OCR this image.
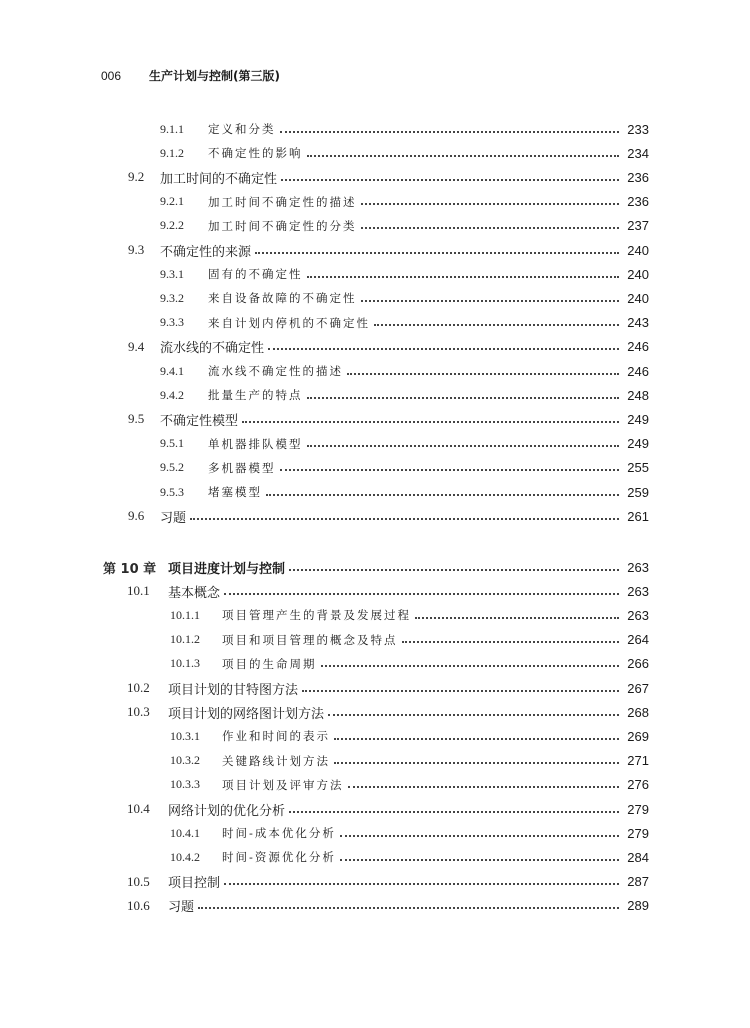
006	生产计划与控制(第三版)
9.1.1	定义和分类	233
9.1.2	不确定性的影响	234
9.2	加工时间的不确定性	236
9.2.1	加工时间不确定性的描述	236
9.2.2	加工时间不确定性的分类	237
9.3	不确定性的来源	240
9.3.1	固有的不确定性	240
9.3.2	来自设备故障的不确定性	240
9.3.3	来自计划内停机的不确定性	243
9.4	流水线的不确定性	246
9.4.1	流水线不确定性的描述	246
9.4.2	批量生产的特点	248
9.5	不确定性模型	249
9.5.1	单机器排队模型	249
9.5.2	多机器模型	255
9.5.3	堵塞模型	259
9.6	习题	261
第 10 章 项目进度计划与控制	263
10.1	基本概念	263
10.1.1	项目管理产生的背景及发展过程	263
10.1.2	项目和项目管理的概念及特点	264
10.1.3	项目的生命周期	266
10.2	项目计划的甘特图方法	267
10.3	项目计划的网络图计划方法	268
10.3.1	作业和时间的表示	269
10.3.2	关键路线计划方法	271
10.3.3	项目计划及评审方法	276
10.4	网络计划的优化分析	279
10.4.1	时间-成本优化分析	279
10.4.2	时间-资源优化分析	284
10.5	项目控制	287
10.6	习题	289
